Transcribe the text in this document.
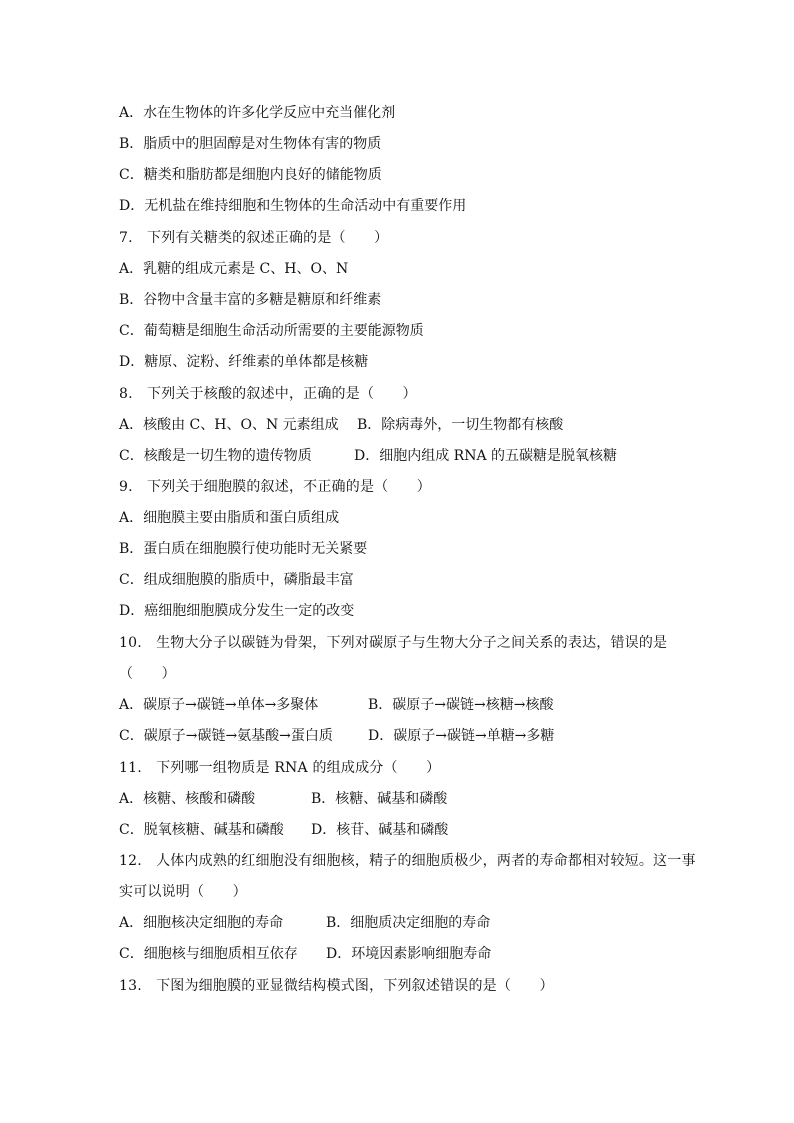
A．水在生物体的许多化学反应中充当催化剂
B．脂质中的胆固醇是对生物体有害的物质
C．糖类和脂肪都是细胞内良好的储能物质
D．无机盐在维持细胞和生物体的生命活动中有重要作用
7.　下列有关糖类的叙述正确的是（　　）
A．乳糖的组成元素是 C、H、O、N
B．谷物中含量丰富的多糖是糖原和纤维素
C．葡萄糖是细胞生命活动所需要的主要能源物质
D．糖原、淀粉、纤维素的单体都是核糖
8.　下列关于核酸的叙述中，正确的是（　　）
A．核酸由 C、H、O、N 元素组成 B．除病毒外，一切生物都有核酸
C．核酸是一切生物的遗传物质	D．细胞内组成 RNA 的五碳糖是脱氧核糖
9.　下列关于细胞膜的叙述，不正确的是（　　）
A．细胞膜主要由脂质和蛋白质组成
B．蛋白质在细胞膜行使功能时无关紧要
C．组成细胞膜的脂质中，磷脂最丰富
D．癌细胞细胞膜成分发生一定的改变
10.　生物大分子以碳链为骨架，下列对碳原子与生物大分子之间关系的表达，错误的是
（　　）
A．碳原子→碳链→单体→多聚体	B．碳原子→碳链→核糖→核酸
C．碳原子→碳链→氨基酸→蛋白质	D．碳原子→碳链→单糖→多糖
11.　下列哪一组物质是 RNA 的组成成分（　　）
A．核糖、核酸和磷酸	B．核糖、碱基和磷酸
C．脱氧核糖、碱基和磷酸 D．核苷、碱基和磷酸
12.　人体内成熟的红细胞没有细胞核，精子的细胞质极少，两者的寿命都相对较短。这一事
实可以说明（　　）
A．细胞核决定细胞的寿命	B．细胞质决定细胞的寿命
C．细胞核与细胞质相互依存 D．环境因素影响细胞寿命
13.　下图为细胞膜的亚显微结构模式图，下列叙述错误的是（　　）
